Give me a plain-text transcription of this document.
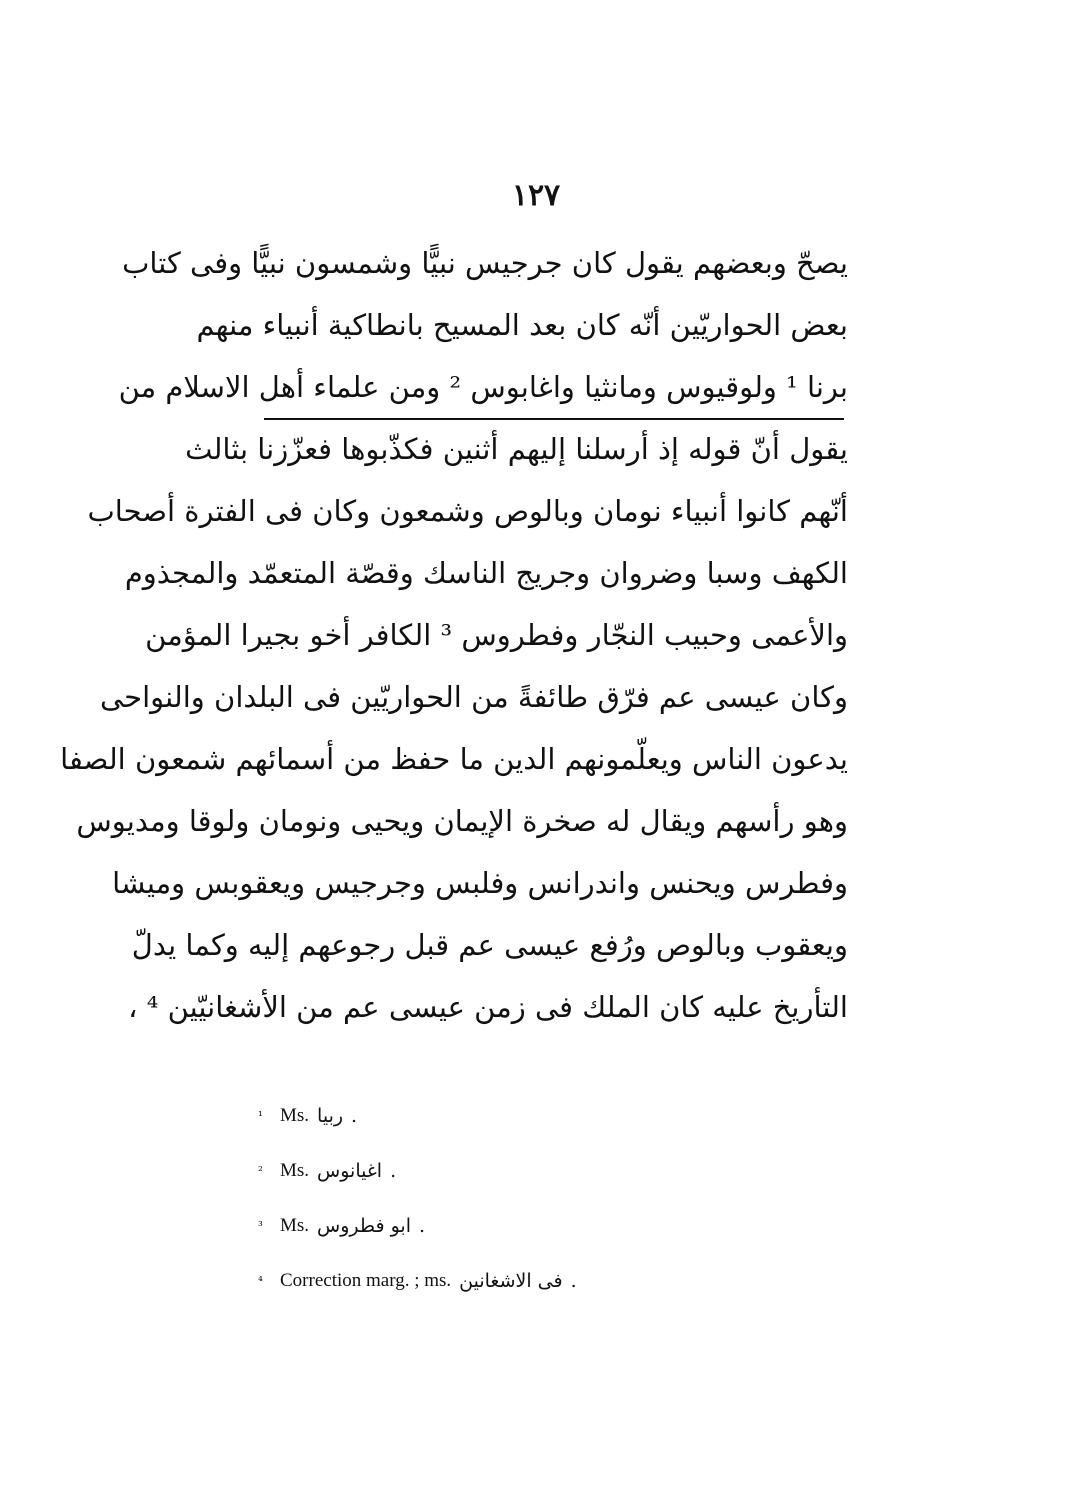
١٢٧
يصحّ وبعضهم يقول كان جرجيس نبيًّا وشمسون نبيًّا وفى كتاب
بعض الحواريّين أنّه كان بعد المسيح بانطاكية أنبياء منهم
برنا ¹ ولوقيوس ومانثيا واغابوس ² ومن علماء أهل الاسلام من
يقول أنّ قوله إذ أرسلنا إليهم أثنين فكذّبوها فعزّزنا بثالث
أنّهم كانوا أنبياء نومان وبالوص وشمعون وكان فى الفترة أصحاب
الكهف وسبا وضروان وجريج الناسك وقصّة المتعمّد والمجذوم
والأعمى وحبيب النجّار وفطروس ³ الكافر أخو بجيرا المؤمن
وكان عيسى عم فرّق طائفةً من الحواريّين فى البلدان والنواحى
يدعون الناس ويعلّمونهم الدين ما حفظ من أسمائهم شمعون الصفا
وهو رأسهم ويقال له صخرة الإيمان ويحيى ونومان ولوقا ومديوس
وفطرس ويحنس واندرانس وفلبس وجرجيس ويعقوبس وميشا
ويعقوب وبالوص ورُفع عيسى عم قبل رجوعهم إليه وكما يدلّ
التأريخ عليه كان الملك فى زمن عيسى عم من الأشغانيّين ⁴ ،
¹ Ms. ربيا .
² Ms. اغيانوس .
³ Ms. ابو فطروس .
⁴ Correction marg. ; ms. فى الاشغانين .
